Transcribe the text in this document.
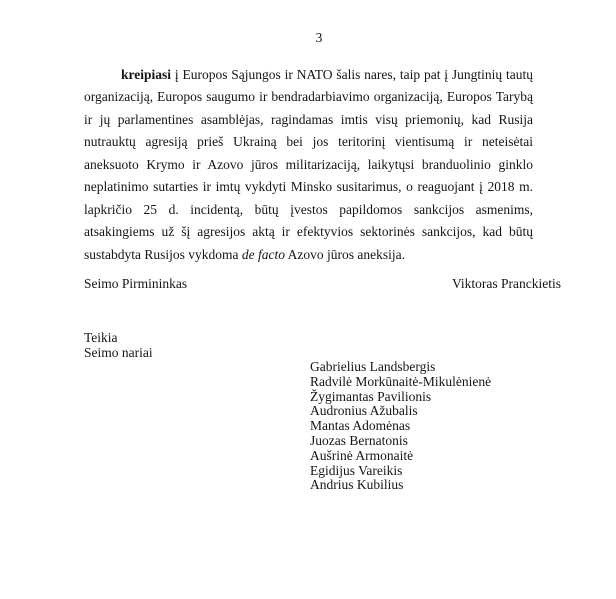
3

kreipiasi į Europos Sąjungos ir NATO šalis nares, taip pat į Jungtinių tautų organizaciją, Europos saugumo ir bendradarbiavimo organizaciją, Europos Tarybą ir jų parlamentines asamblėjas, ragindamas imtis visų priemonių, kad Rusija nutrauktų agresiją prieš Ukrainą bei jos teritorinį vientisumą ir neteisėtai aneksuoto Krymo ir Azovo jūros militarizaciją, laikytųsi branduolinio ginklo neplatinimo sutarties ir imtų vykdyti Minsko susitarimus, o reaguojant į 2018 m. lapkričio 25 d. incidentą, būtų įvestos papildomos sankcijos asmenims, atsakingiems už šį agresijos aktą ir efektyvios sektorinės sankcijos, kad būtų sustabdyta Rusijos vykdoma de facto Azovo jūros aneksija.

Seimo Pirmininkas	Viktoras Pranckietis
Teikia
Seimo nariai
Gabrielius Landsbergis
Radvilė Morkūnaitė-Mikulėnienė
Žygimantas Pavilionis
Audronius Ažubalis
Mantas Adomėnas
Juozas Bernatonis
Aušrinė Armonaitė
Egidijus Vareikis
Andrius Kubilius
